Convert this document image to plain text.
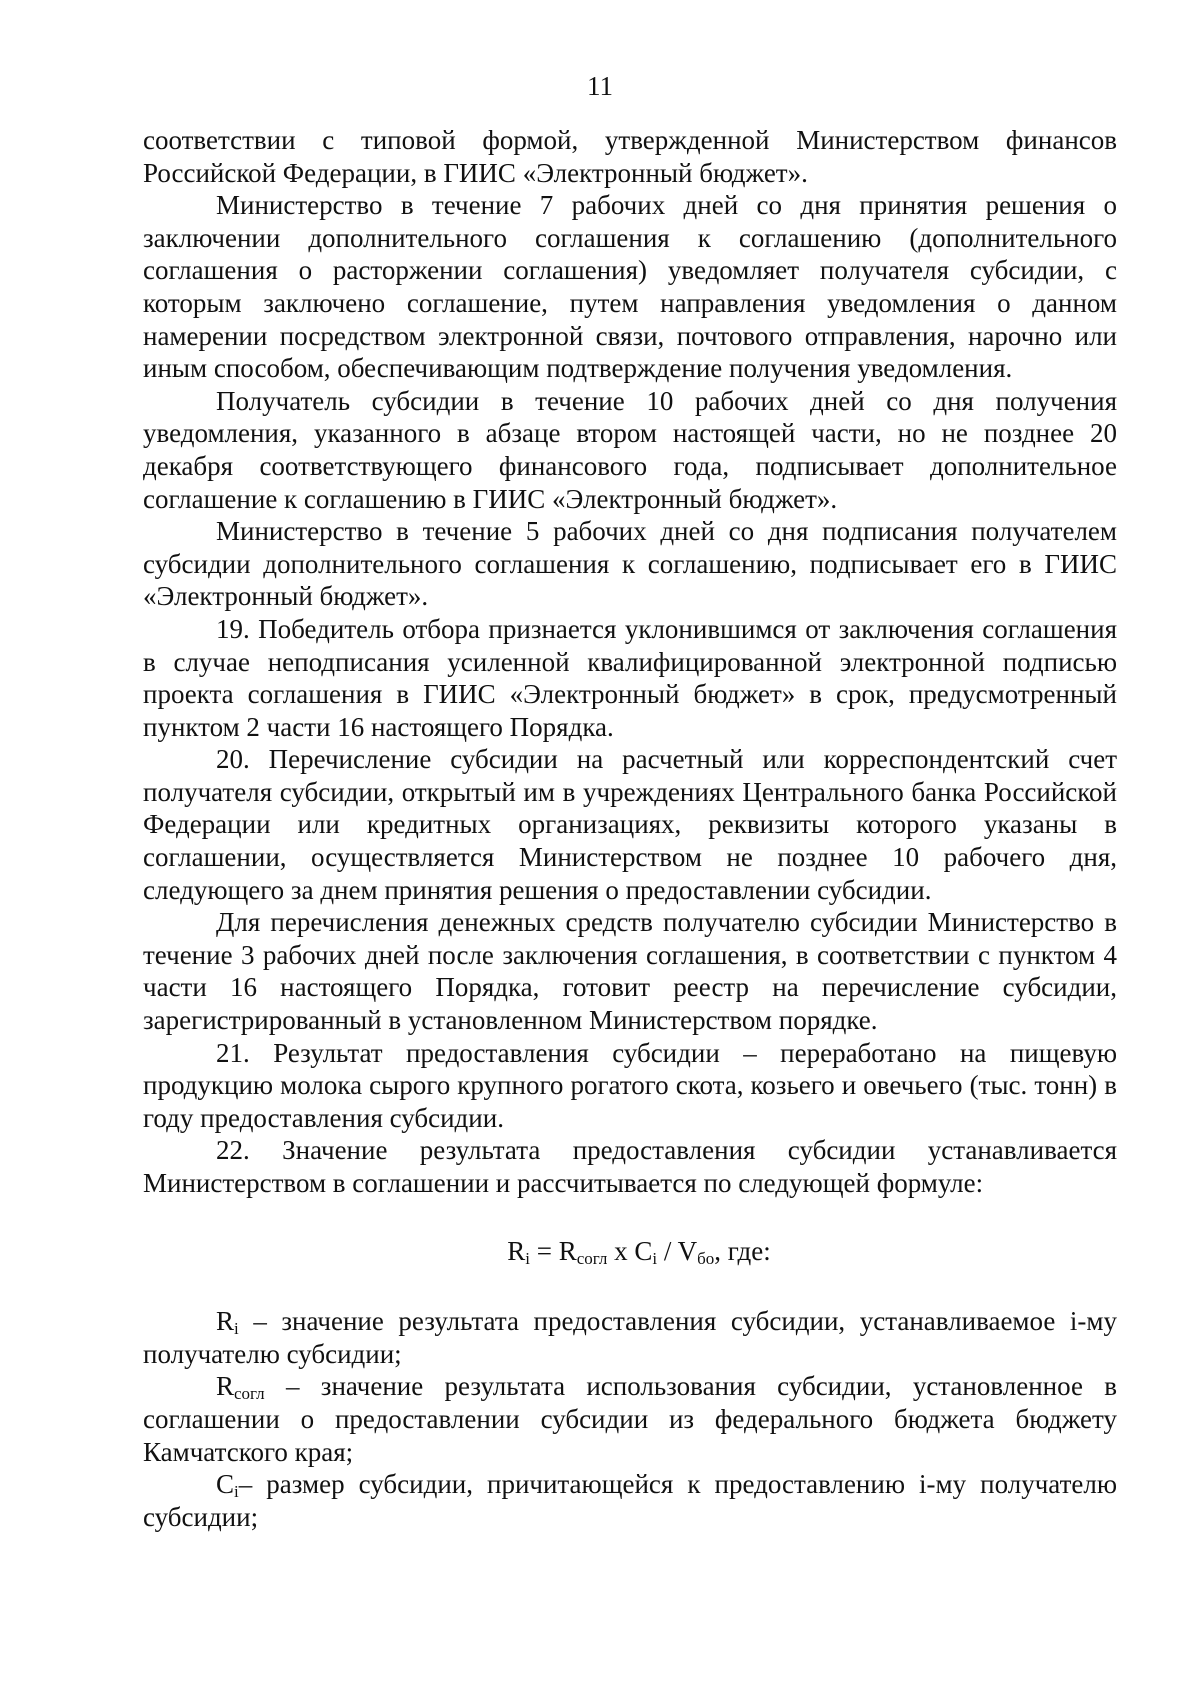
11

соответствии с типовой формой, утвержденной Министерством финансов Российской Федерации, в ГИИС «Электронный бюджет».

Министерство в течение 7 рабочих дней со дня принятия решения о заключении дополнительного соглашения к соглашению (дополнительного соглашения о расторжении соглашения) уведомляет получателя субсидии, с которым заключено соглашение, путем направления уведомления о данном намерении посредством электронной связи, почтового отправления, нарочно или иным способом, обеспечивающим подтверждение получения уведомления.

Получатель субсидии в течение 10 рабочих дней со дня получения уведомления, указанного в абзаце втором настоящей части, но не позднее 20 декабря соответствующего финансового года, подписывает дополнительное соглашение к соглашению в ГИИС «Электронный бюджет».

Министерство в течение 5 рабочих дней со дня подписания получателем субсидии дополнительного соглашения к соглашению, подписывает его в ГИИС «Электронный бюджет».

19. Победитель отбора признается уклонившимся от заключения соглашения в случае неподписания усиленной квалифицированной электронной подписью проекта соглашения в ГИИС «Электронный бюджет» в срок, предусмотренный пунктом 2 части 16 настоящего Порядка.

20. Перечисление субсидии на расчетный или корреспондентский счет получателя субсидии, открытый им в учреждениях Центрального банка Российской Федерации или кредитных организациях, реквизиты которого указаны в соглашении, осуществляется Министерством не позднее 10 рабочего дня, следующего за днем принятия решения о предоставлении субсидии.

Для перечисления денежных средств получателю субсидии Министерство в течение 3 рабочих дней после заключения соглашения, в соответствии с пунктом 4 части 16 настоящего Порядка, готовит реестр на перечисление субсидии, зарегистрированный в установленном Министерством порядке.

21. Результат предоставления субсидии – переработано на пищевую продукцию молока сырого крупного рогатого скота, козьего и овечьего (тыс. тонн) в году предоставления субсидии.

22. Значение результата предоставления субсидии устанавливается Министерством в соглашении и рассчитывается по следующей формуле:

$R_i = R_{согл}$ x $C_i / V_{бо}$, где:

$R_i$ – значение результата предоставления субсидии, устанавливаемое i-му получателю субсидии;

$R_{согл}$ – значение результата использования субсидии, установленное в соглашении о предоставлении субсидии из федерального бюджета бюджету Камчатского края;

$C_i-$ размер субсидии, причитающейся к предоставлению i-му получателю субсидии;
